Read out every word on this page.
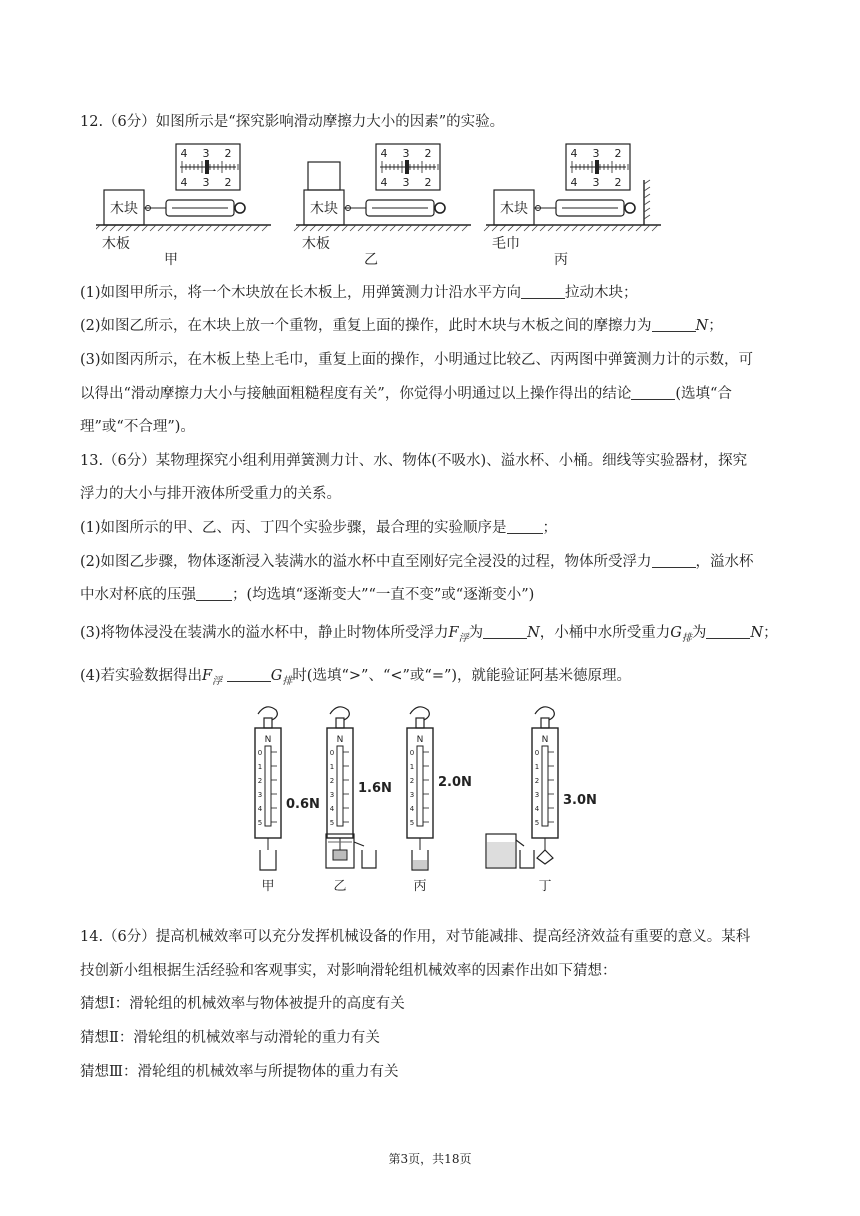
12.（6分）如图所示是“探究影响滑动摩擦力大小的因素”的实验。
木块
4
4
3
3
2
2
木板
甲
木块
4
4
3
3
2
2
木板
乙
木块
4
4
3
3
2
2
毛巾
丙
(1)如图甲所示，将一个木块放在长木板上，用弹簧测力计沿水平方向	拉动木块；
(2)如图乙所示，在木块上放一个重物，重复上面的操作，此时木块与木板之间的摩擦力为	N；
(3)如图丙所示，在木板上垫上毛巾，重复上面的操作，小明通过比较乙、丙两图中弹簧测力计的示数，可
以得出“滑动摩擦力大小与接触面粗糙程度有关”，你觉得小明通过以上操作得出的结论	(选填“合
理”或“不合理”)。
13.（6分）某物理探究小组利用弹簧测力计、水、物体(不吸水)、溢水杯、小桶。细线等实验器材，探究
浮力的大小与排开液体所受重力的关系。
(1)如图所示的甲、乙、丙、丁四个实验步骤，最合理的实验顺序是 ；
(2)如图乙步骤，物体逐渐浸入装满水的溢水杯中直至刚好完全浸没的过程，物体所受浮力	，溢水杯
中水对杯底的压强 ；(均选填“逐渐变大”“一直不变”或“逐渐变小”)
(3)将物体浸没在装满水的溢水杯中，静止时物体所受浮力$F_浮$为	N，小桶中水所受重力$G_排$为	N；
(4)若实验数据得出$F_浮$	$G_排$时(选填“>”、“<”或“=”)，就能验证阿基米德原理。
N
0
1
2
3
4
5
0.6N
甲
N
0
1
2
3
4
5
1.6N
乙
N
0
1
2
3
4
5
2.0N
丙
N
0
1
2
3
4
5
3.0N
丁
14.（6分）提高机械效率可以充分发挥机械设备的作用，对节能减排、提高经济效益有重要的意义。某科
技创新小组根据生活经验和客观事实，对影响滑轮组机械效率的因素作出如下猜想：
猜想Ⅰ：滑轮组的机械效率与物体被提升的高度有关
猜想Ⅱ：滑轮组的机械效率与动滑轮的重力有关
猜想Ⅲ：滑轮组的机械效率与所提物体的重力有关
第3页，共18页
